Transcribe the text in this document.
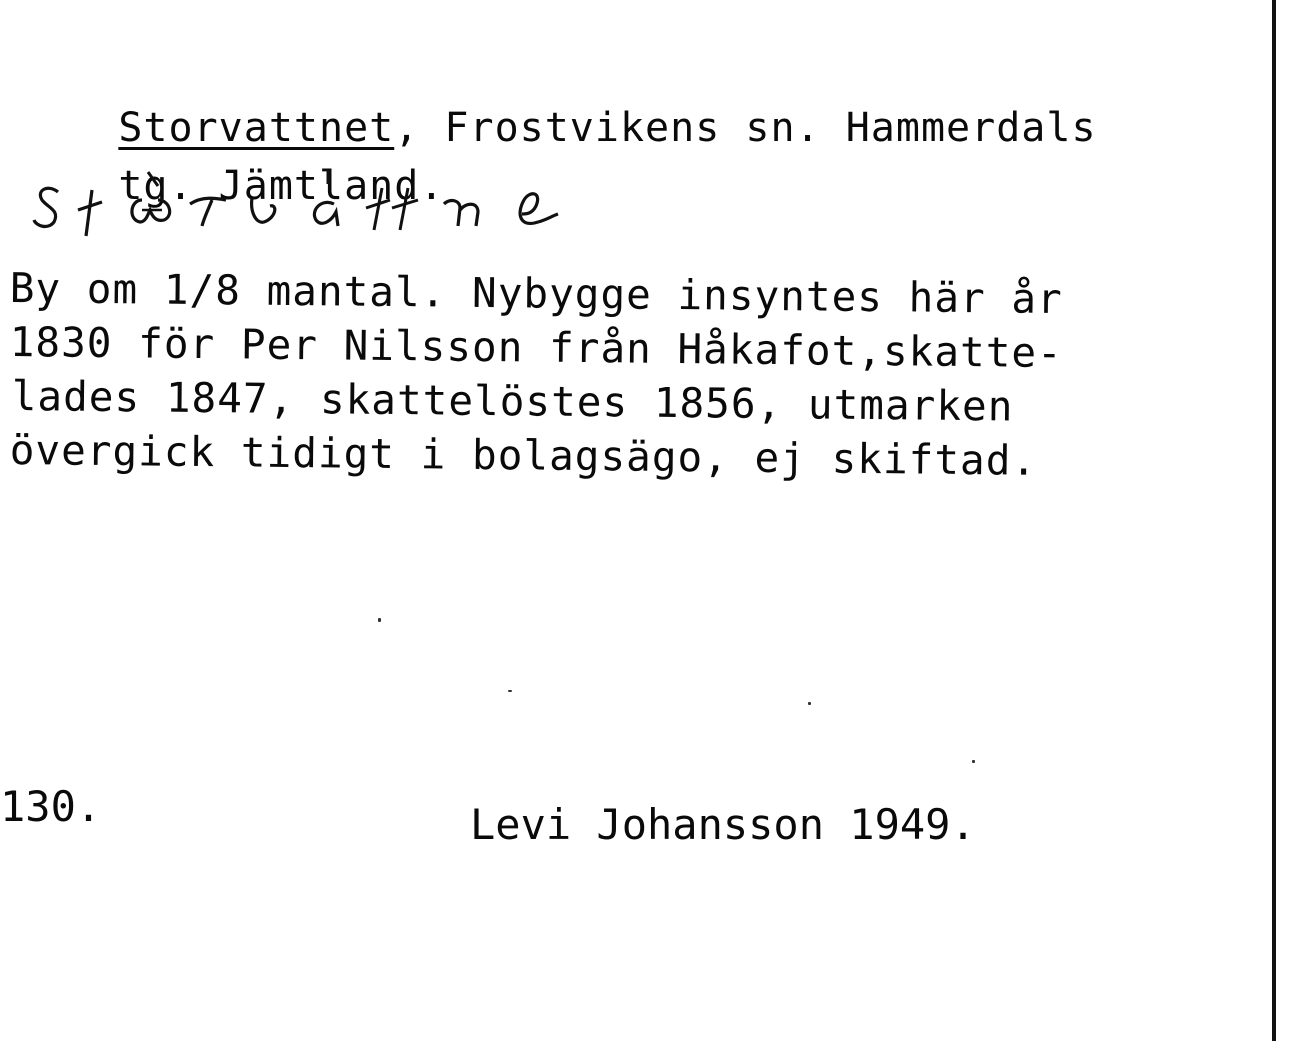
Storvattnet, Frostvikens sn. Hammerdals

tg. Jämtland.

By om 1/8 mantal. Nybygge insyntes här år
1830 för Per Nilsson från Håkafot,skatte-
lades 1847, skattelöstes 1856, utmarken
övergick tidigt i bolagsägo, ej skiftad.
130.	Levi Johansson 1949.
